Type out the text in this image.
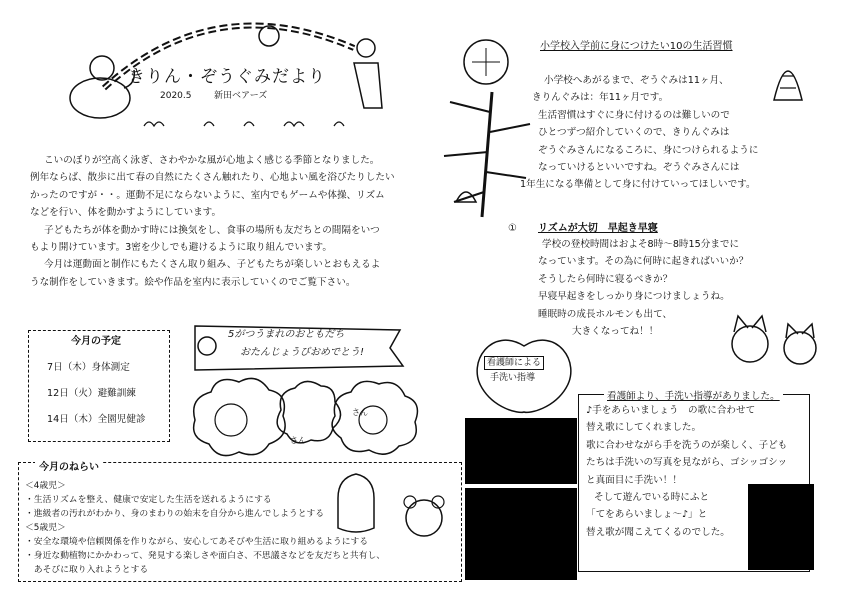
きりん・ぞうぐみだより
2020.5	新田ベアーズ
こいのぼりが空高く泳ぎ、さわやかな風が心地よく感じる季節となりました。
例年ならば、散歩に出て春の自然にたくさん触れたり、心地よい風を浴びたりしたい
かったのですが・・。運動不足にならないように、室内でもゲームや体操、リズム
などを行い、体を動かすようにしています。
子どもたちが体を動かす時には換気をし、食事の場所も友だちとの間隔をいつ
もより開けています。3密を少しでも避けるように取り組んでいます。
今月は運動面と制作にもたくさん取り組み、子どもたちが楽しいとおもえるよ
うな制作をしていきます。絵や作品を室内に表示していくのでご覧下さい。
今月の予定
7日（木）身体測定
12日（火）避難訓練
14日（木）全園児健診
5がつうまれのおともだち
おたんじょうびおめでとう!
さん
さん
今月のねらい
＜4歳児＞
・生活リズムを整え、健康で安定した生活を送れるようにする
・進級者の汚れがわかり、身のまわりの始末を自分から進んでしようとする
＜5歳児＞
・安全な環境や信頼関係を作りながら、安心してあそびや生活に取り組めるようにする
・身近な動植物にかかわって、発見する楽しさや面白さ、不思議さなどを友だちと共有し、
　あそびに取り入れようとする
小学校入学前に身につけたい10の生活習慣
小学校へあがるまで、ぞうぐみは11ヶ月、
きりんぐみは：年11ヶ月です。
生活習慣はすぐに身に付けるのは難しいので
ひとつずつ紹介していくので、きりんぐみは
ぞうぐみさんになるころに、身につけられるように
なっていけるといいですね。ぞうぐみさんには
1年生になる準備として身に付けていってほしいです。
① リズムが大切　早起き早寝
学校の登校時間はおよそ8時〜8時15分までに
なっています。その為に何時に起きればいいか？
そうしたら何時に寝るべきか？
早寝早起きをしっかり身につけましょうね。
睡眠時の成長ホルモンも出て、
大きくなってね！！
看護師による
手洗い指導
看護師より、手洗い指導がありました。
♪手をあらいましょう　の歌に合わせて
替え歌にしてくれました。
歌に合わせながら手を洗うのが楽しく、子ども
たちは手洗いの写真を見ながら、ゴシッゴシッ
と真面目に手洗い！！
そして遊んでいる時にふと
「てをあらいましょ〜♪」と
替え歌が聞こえてくるのでした。
